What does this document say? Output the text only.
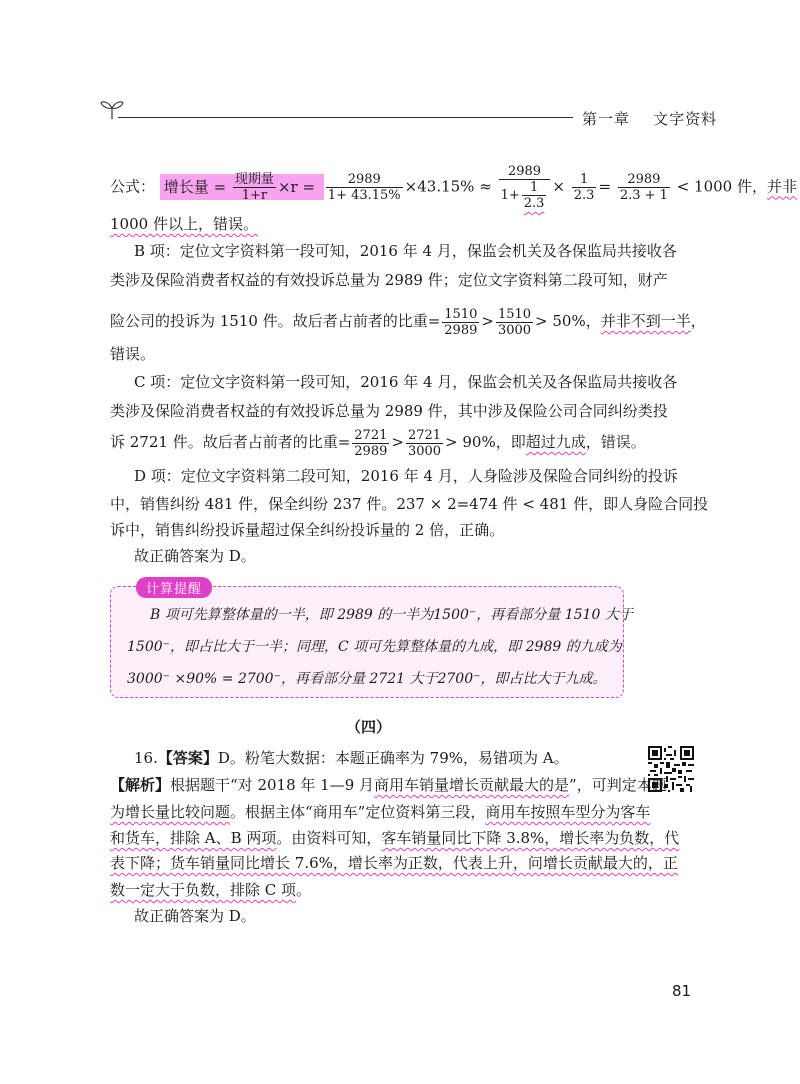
第一章 文字资料
公式： 增长量 = $\frac{\text{现期量}}{1+r} \times r = \frac{2989}{1+ 43.15\%} \times 43.15\% \approx \frac{2989}{1+ \frac{1}{2.3}} \times \frac{1}{2.3} = \frac{2989}{2.3 + 1} < 1000$ 件，并非
1000 件以上，错误。
B 项：定位文字资料第一段可知，2016 年 4 月，保监会机关及各保监局共接收各
类涉及保险消费者权益的有效投诉总量为 2989 件；定位文字资料第二段可知，财产
险公司的投诉为 1510 件。故后者占前者的比重= $\frac{1510}{2989} > \frac{1510}{3000} > 50\%$，并非不到一半，
错误。
C 项：定位文字资料第一段可知，2016 年 4 月，保监会机关及各保监局共接收各
类涉及保险消费者权益的有效投诉总量为 2989 件，其中涉及保险公司合同纠纷类投
诉 2721 件。故后者占前者的比重= $\frac{2721}{2989} > \frac{2721}{3000} > 90\%$，即超过九成，错误。
D 项：定位文字资料第二段可知，2016 年 4 月，人身险涉及保险合同纠纷的投诉
中，销售纠纷 481 件，保全纠纷 237 件。237 × 2=474 件 < 481 件，即人身险合同投
诉中，销售纠纷投诉量超过保全纠纷投诉量的 2 倍，正确。
故正确答案为 D。
计算提醒
B 项可先算整体量的一半，即 2989 的一半为1500⁻，再看部分量 1510 大于
1500⁻，即占比大于一半；同理，C 项可先算整体量的九成，即 2989 的九成为
3000⁻ ×90% = 2700⁻，再看部分量 2721 大于2700⁻，即占比大于九成。
（四）
16.【答案】D。粉笔大数据：本题正确率为 79%，易错项为 A。
【解析】根据题干“对 2018 年 1—9 月商用车销量增长贡献最大的是”，可判定本题
为增长量比较问题。根据主体“商用车”定位资料第三段，商用车按照车型分为客车
和货车，排除 A、B 两项。由资料可知，客车销量同比下降 3.8%，增长率为负数，代
表下降；货车销量同比增长 7.6%，增长率为正数，代表上升，问增长贡献最大的，正
数一定大于负数，排除 C 项。
故正确答案为 D。
81
